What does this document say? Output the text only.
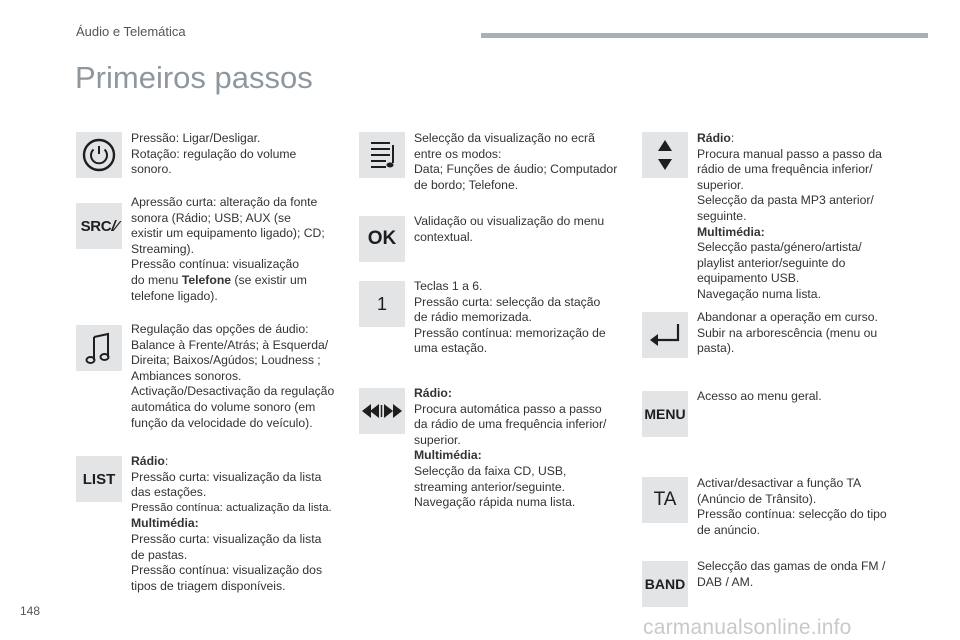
Áudio e Telemática
Primeiros passos
Pressão: Ligar/Desligar.
Rotação: regulação do volume
sonoro.
SRC/⁄
Apressão curta: alteração da fonte
sonora (Rádio; USB; AUX (se
existir um equipamento ligado); CD;
Streaming).
Pressão contínua: visualização
do menu Telefone (se existir um
telefone ligado).
Regulação das opções de áudio:
Balance à Frente/Atrás; à Esquerda/
Direita; Baixos/Agúdos; Loudness ;
Ambiances sonoros.
Activação/Desactivação da regulação
automática do volume sonoro (em
função da velocidade do veículo).
LIST
Rádio:
Pressão curta: visualização da lista
das estações.
Pressão contínua: actualização da lista.
Multimédia:
Pressão curta: visualização da lista
de pastas.
Pressão contínua: visualização dos
tipos de triagem disponíveis.
Selecção da visualização no ecrã
entre os modos:
Data; Funções de áudio; Computador
de bordo; Telefone.
OK
Validação ou visualização do menu
contextual.
1
Teclas 1 a 6.
Pressão curta: selecção da stação
de rádio memorizada.
Pressão contínua: memorização de
uma estação.
Rádio:
Procura automática passo a passo
da rádio de uma frequência inferior/
superior.
Multimédia:
Selecção da faixa CD, USB,
streaming anterior/seguinte.
Navegação rápida numa lista.
Rádio:
Procura manual passo a passo da
rádio de uma frequência inferior/
superior.
Selecção da pasta MP3 anterior/
seguinte.
Multimédia:
Selecção pasta/género/artista/
playlist anterior/seguinte do
equipamento USB.
Navegação numa lista.
Abandonar a operação em curso.
Subir na arborescência (menu ou
pasta).
MENU
Acesso ao menu geral.
TA
Activar/desactivar a função TA
(Anúncio de Trânsito).
Pressão contínua: selecção do tipo
de anúncio.
BAND
Selecção das gamas de onda FM /
DAB / AM.
148
carmanualsonline.info
